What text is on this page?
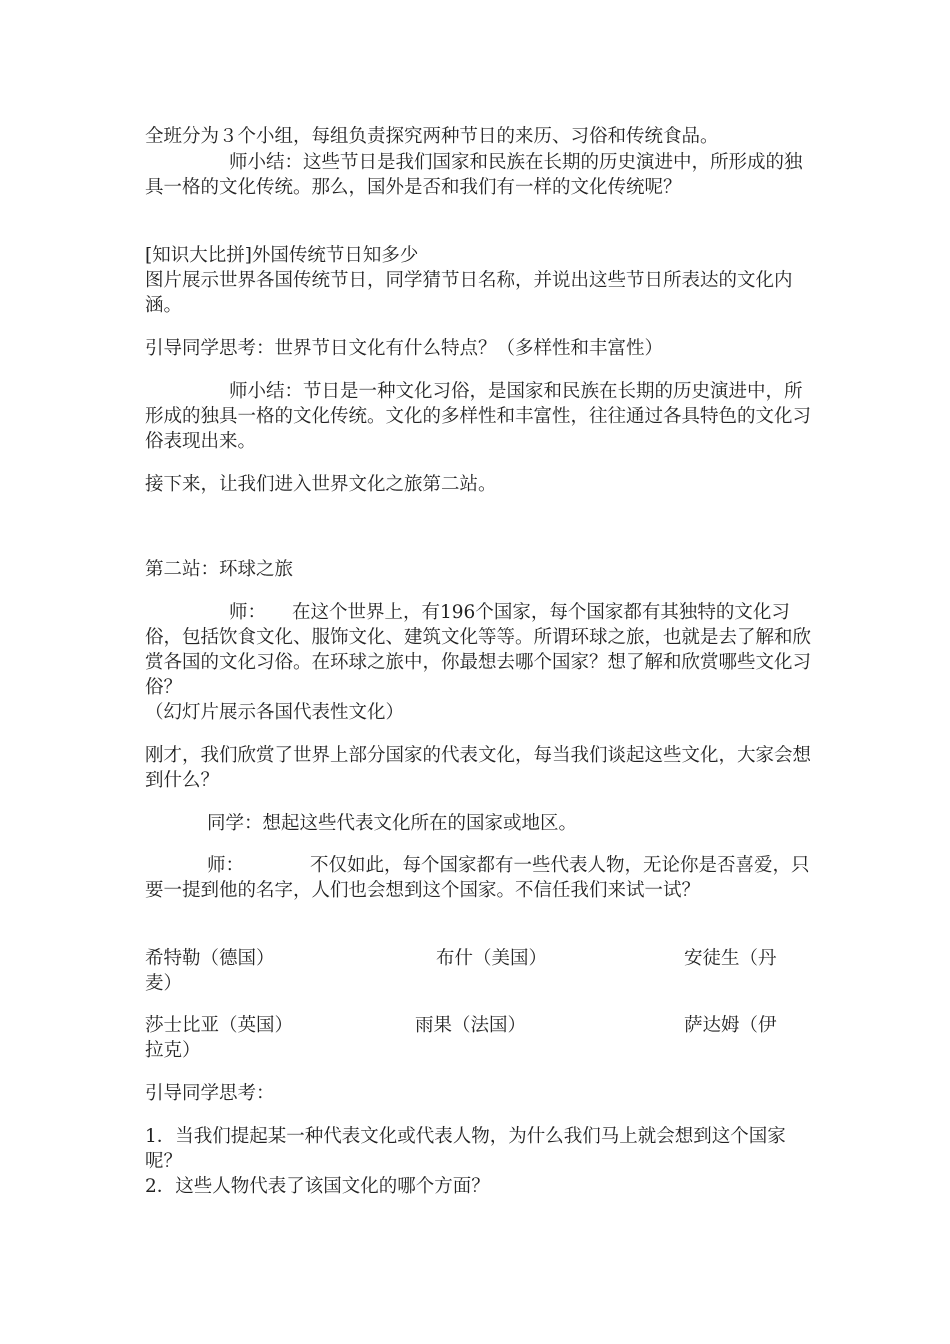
全班分为３个小组，每组负责探究两种节日的来历、习俗和传统食品。

师小结：这些节日是我们国家和民族在长期的历史演进中，所形成的独具一格的文化传统。那么，国外是否和我们有一样的文化传统呢？

[知识大比拼]外国传统节日知多少

图片展示世界各国传统节日，同学猜节日名称，并说出这些节日所表达的文化内涵。

引导同学思考：世界节日文化有什么特点？（多样性和丰富性）

师小结：节日是一种文化习俗，是国家和民族在长期的历史演进中，所形成的独具一格的文化传统。文化的多样性和丰富性，往往通过各具特色的文化习俗表现出来。

接下来，让我们进入世界文化之旅第二站。

第二站：环球之旅

师： 在这个世界上，有196个国家，每个国家都有其独特的文化习俗，包括饮食文化、服饰文化、建筑文化等等。所谓环球之旅，也就是去了解和欣赏各国的文化习俗。在环球之旅中，你最想去哪个国家？想了解和欣赏哪些文化习俗？

（幻灯片展示各国代表性文化）

刚才，我们欣赏了世界上部分国家的代表文化，每当我们谈起这些文化，大家会想到什么？

同学：想起这些代表文化所在的国家或地区。

师：	不仅如此，每个国家都有一些代表人物，无论你是否喜爱，只要一提到他的名字，人们也会想到这个国家。不信任我们来试一试？

希特勒（德国）	布什（美国）	安徒生（丹
麦）
莎士比亚（英国）	雨果（法国）	萨达姆（伊
拉克）

引导同学思考：

1．当我们提起某一种代表文化或代表人物，为什么我们马上就会想到这个国家呢？

2．这些人物代表了该国文化的哪个方面？
